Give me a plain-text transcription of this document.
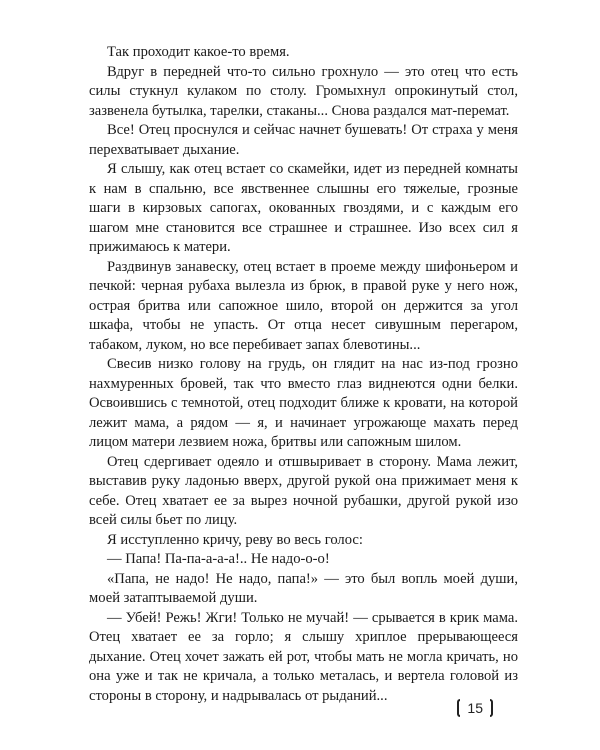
Так проходит какое-то время.

Вдруг в передней что-то сильно грохнуло — это отец что есть силы стукнул кулаком по столу. Громыхнул опрокинутый стол, зазвенела бутылка, тарелки, стаканы... Снова раздался мат-перемат.

Все! Отец проснулся и сейчас начнет бушевать! От страха у меня перехватывает дыхание.

Я слышу, как отец встает со скамейки, идет из передней комнаты к нам в спальню, все явственнее слышны его тяжелые, грозные шаги в кирзовых сапогах, окованных гвоздями, и с каждым его шагом мне становится все страшнее и страшнее. Изо всех сил я прижимаюсь к матери.

Раздвинув занавеску, отец встает в проеме между шифоньером и печкой: черная рубаха вылезла из брюк, в правой руке у него нож, острая бритва или сапожное шило, второй он держится за угол шкафа, чтобы не упасть. От отца несет сивушным перегаром, табаком, луком, но все перебивает запах блевотины...

Свесив низко голову на грудь, он глядит на нас из-под грозно нахмуренных бровей, так что вместо глаз виднеются одни белки. Освоившись с темнотой, отец подходит ближе к кровати, на которой лежит мама, а рядом — я, и начинает угрожающе махать перед лицом матери лезвием ножа, бритвы или сапожным шилом.

Отец сдергивает одеяло и отшвыривает в сторону. Мама лежит, выставив руку ладонью вверх, другой рукой она прижимает меня к себе. Отец хватает ее за вырез ночной рубашки, другой рукой изо всей силы бьет по лицу.

Я исступленно кричу, реву во весь голос:

— Папа! Па-па-а-а-а!.. Не надо-о-о!

«Папа, не надо! Не надо, папа!» — это был вопль моей души, моей затаптываемой души.

— Убей! Режь! Жги! Только не мучай! — срывается в крик мама. Отец хватает ее за горло; я слышу хриплое прерывающееся дыхание. Отец хочет зажать ей рот, чтобы мать не могла кричать, но она уже и так не кричала, а только металась, и вертела головой из стороны в сторону, и надрывалась от рыданий...

15
